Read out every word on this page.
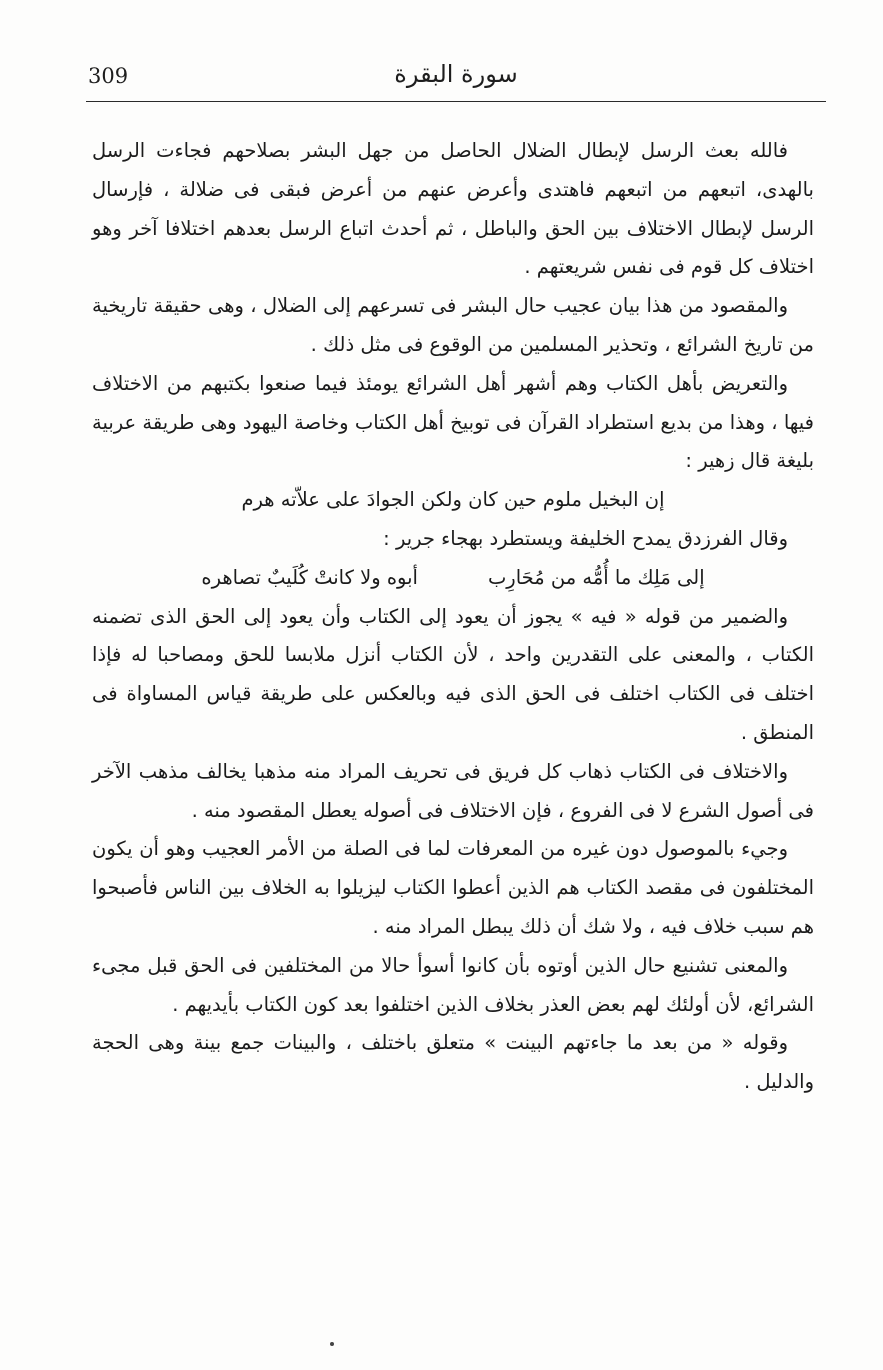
309	سورة البقرة

فالله بعث الرسل لإبطال الضلال الحاصل من جهل البشر بصلاحهم فجاءت الرسل بالهدى، اتبعهم من اتبعهم فاهتدى وأعرض عنهم من أعرض فبقى فى ضلالة ، فإرسال الرسل لإبطال الاختلاف بين الحق والباطل ، ثم أحدث اتباع الرسل بعدهم اختلافا آخر وهو اختلاف كل قوم فى نفس شريعتهم .

والمقصود من هذا بيان عجيب حال البشر فى تسرعهم إلى الضلال ، وهى حقيقة تاريخية من تاريخ الشرائع ، وتحذير المسلمين من الوقوع فى مثل ذلك .

والتعريض بأهل الكتاب وهم أشهر أهل الشرائع يومئذ فيما صنعوا بكتبهم من الاختلاف فيها ، وهذا من بديع استطراد القرآن فى توبيخ أهل الكتاب وخاصة اليهود وهى طريقة عربية بليغة قال زهير :

إن البخيل ملوم حين كان ولكن الجوادَ على علاّته هرم

وقال الفرزدق يمدح الخليفة ويستطرد بهجاء جرير :

إلى مَلِك ما أُمُّه من مُحَارِب
أبوه ولا كانتْ كُلَيبٌ تصاهره

والضمير من قوله « فيه » يجوز أن يعود إلى الكتاب وأن يعود إلى الحق الذى تضمنه الكتاب ، والمعنى على التقدرين واحد ، لأن الكتاب أنزل ملابسا للحق ومصاحبا له فإذا اختلف فى الكتاب اختلف فى الحق الذى فيه وبالعكس على طريقة قياس المساواة فى المنطق .

والاختلاف فى الكتاب ذهاب كل فريق فى تحريف المراد منه مذهبا يخالف مذهب الآخر فى أصول الشرع لا فى الفروع ، فإن الاختلاف فى أصوله يعطل المقصود منه .

وجيء بالموصول دون غيره من المعرفات لما فى الصلة من الأمر العجيب وهو أن يكون المختلفون فى مقصد الكتاب هم الذين أعطوا الكتاب ليزيلوا به الخلاف بين الناس فأصبحوا هم سبب خلاف فيه ، ولا شك أن ذلك يبطل المراد منه .

والمعنى تشنيع حال الذين أوتوه بأن كانوا أسوأ حالا من المختلفين فى الحق قبل مجىء الشرائع، لأن أولئك لهم بعض العذر بخلاف الذين اختلفوا بعد كون الكتاب بأيديهم .

وقوله « من بعد ما جاءتهم البينت » متعلق باختلف ، والبينات جمع بينة وهى الحجة والدليل .
